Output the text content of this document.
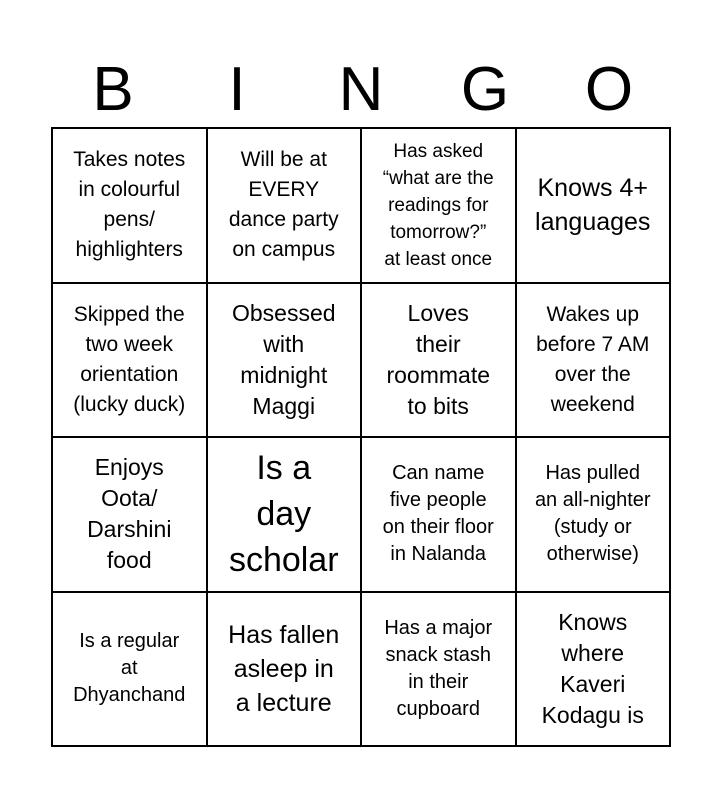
B	I	N	G	O
Takes notes
in colourful
pens/
highlighters
Will be at
EVERY
dance party
on campus
Has asked
“what are the
readings for
tomorrow?”
at least once
Knows 4+
languages
Skipped the
two week
orientation
(lucky duck)
Obsessed
with
midnight
Maggi
Loves
their
roommate
to bits
Wakes up
before 7 AM
over the
weekend
Enjoys
Oota/
Darshini
food
Is a
day
scholar
Can name
five people
on their floor
in Nalanda
Has pulled
an all-nighter
(study or
otherwise)
Is a regular
at
Dhyanchand
Has fallen
asleep in
a lecture
Has a major
snack stash
in their
cupboard
Knows
where
Kaveri
Kodagu is
